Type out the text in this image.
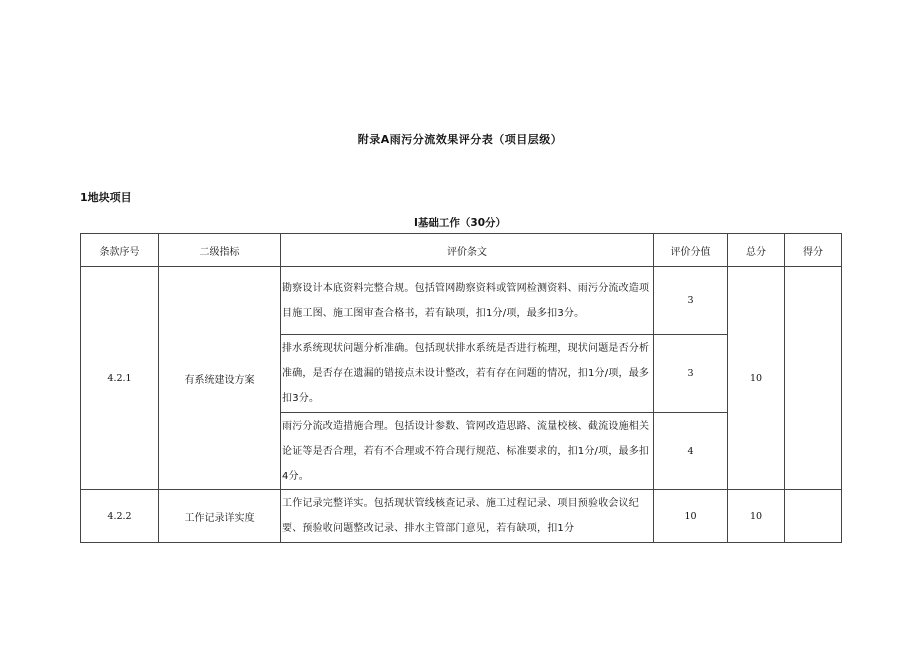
附录A雨污分流效果评分表（项目层级）
1地块项目
I基础工作（30分）
条款序号	二级指标	评价条文	评价分值	总分	得分
4.2.1	有系统建设方案	勘察设计本底资料完整合规。包括管网勘察资料或管网检测资料、雨污分流改造项目施工图、施工图审查合格书，若有缺项，扣1分/项，最多扣3分。	3	10	
		排水系统现状问题分析准确。包括现状排水系统是否进行梳理，现状问题是否分析准确，是否存在遗漏的错接点未设计整改，若有存在问题的情况，扣1分/项，最多扣3分。	3		
		雨污分流改造措施合理。包括设计参数、管网改造思路、流量校核、截流设施相关论证等是否合理，若有不合理或不符合现行规范、标准要求的，扣1分/项，最多扣4分。	4		
4.2.2	工作记录详实度	工作记录完整详实。包括现状管线核查记录、施工过程记录、项目预验收会议纪要、预验收问题整改记录、排水主管部门意见，若有缺项，扣1分	10	10	
